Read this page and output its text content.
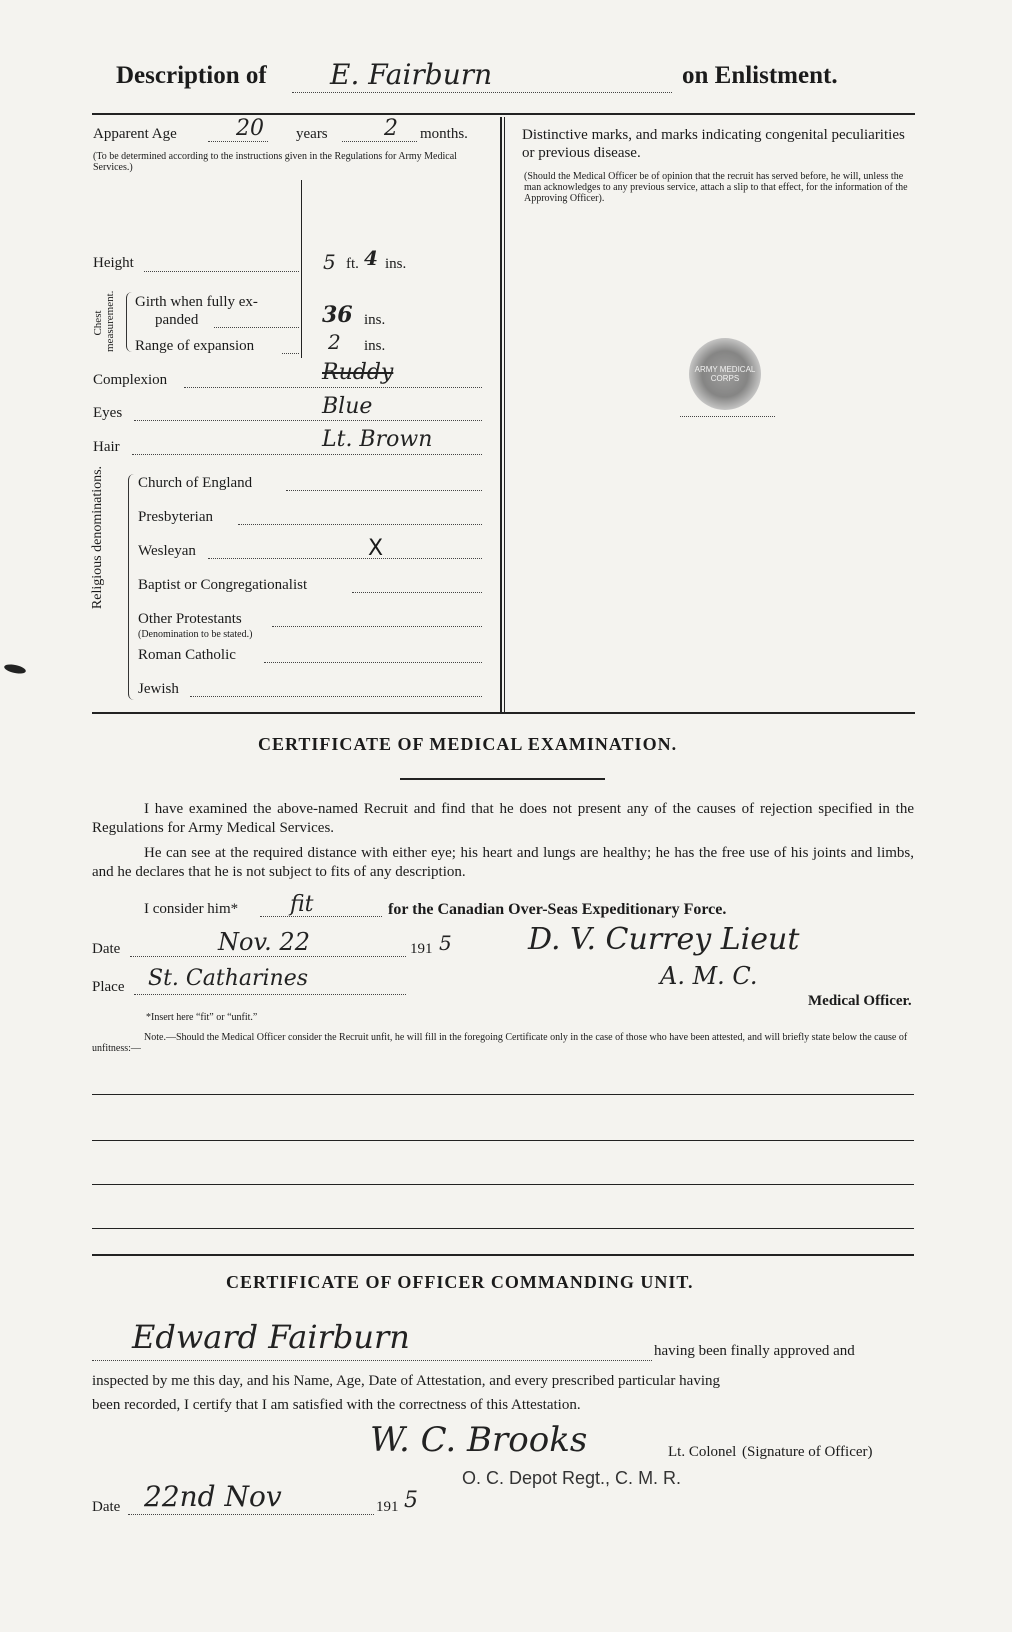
Description of E. Fairburn	on Enlistment.
Apparent Age	20 years	2 months.
(To be determined according to the instructions given in the Regulations for Army Medical Services.)
Height	5 ft. 4 ins.
Chest measurement. Girth when fully ex-
panded	36 ins.
Range of expansion	2 ins.
Complexion	Ruddy
Eyes	Blue
Hair	Lt. Brown
Religious denominations. Church of England
Presbyterian
Wesleyan	X
Baptist or Congregationalist
Other Protestants
(Denomination to be stated.)
Roman Catholic
Jewish
Distinctive marks, and marks indicating congenital peculiarities or previous disease.
(Should the Medical Officer be of opinion that the recruit has served before, he will, unless the man acknowledges to any previous service, attach a slip to that effect, for the information of the Approving Officer).
ARMY MEDICAL CORPS
CERTIFICATE OF MEDICAL EXAMINATION.
I have examined the above-named Recruit and find that he does not present any of the causes of rejection specified in the Regulations for Army Medical Services.
He can see at the required distance with either eye; his heart and lungs are healthy; he has the free use of his joints and limbs, and he declares that he is not subject to fits of any description.
I consider him* fit	for the Canadian Over-Seas Expeditionary Force.
Date	Nov. 22	191 5
Place St. Catharines
D. V. Currey Lieut
A. M. C.
Medical Officer.
*Insert here “fit” or “unfit.”
Note.—Should the Medical Officer consider the Recruit unfit, he will fill in the foregoing Certificate only in the case of those who have been attested, and will briefly state below the cause of unfitness:—
CERTIFICATE OF OFFICER COMMANDING UNIT.
Edward Fairburn	having been finally approved and
inspected by me this day, and his Name, Age, Date of Attestation, and every prescribed particular having
been recorded, I certify that I am satisfied with the correctness of this Attestation.
W. C. Brooks	Lt. Colonel (Signature of Officer)
O. C. Depot Regt., C. M. R.
Date 22nd Nov	191 5
